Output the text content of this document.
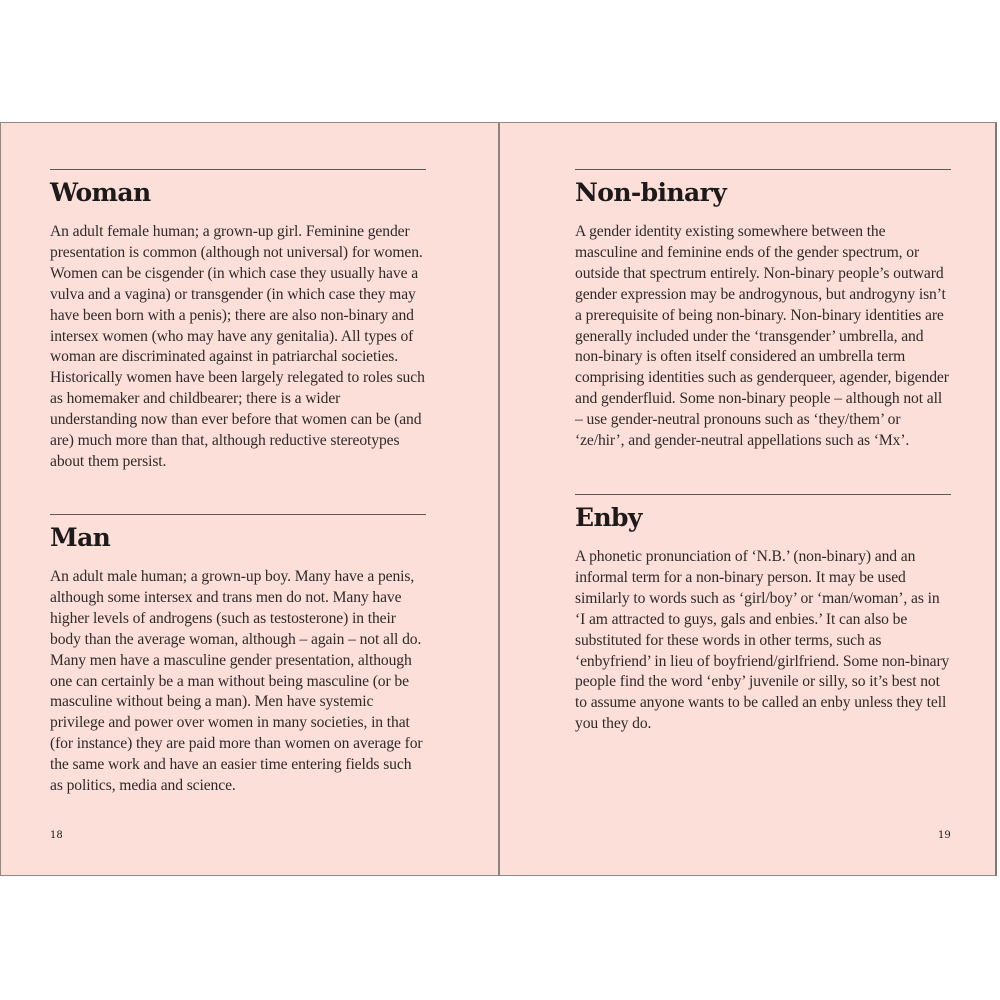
Woman

An adult female human; a grown-up girl. Feminine gender presentation is common (although not universal) for women. Women can be cisgender (in which case they usually have a vulva and a vagina) or transgender (in which case they may have been born with a penis); there are also non-binary and intersex women (who may have any genitalia). All types of woman are discriminated against in patriarchal societies. Historically women have been largely relegated to roles such as homemaker and childbearer; there is a wider understanding now than ever before that women can be (and are) much more than that, although reductive stereotypes about them persist.

Man

An adult male human; a grown-up boy. Many have a penis, although some intersex and trans men do not. Many have higher levels of androgens (such as testosterone) in their body than the average woman, although – again – not all do. Many men have a masculine gender presentation, although one can certainly be a man without being masculine (or be masculine without being a man). Men have systemic privilege and power over women in many societies, in that (for instance) they are paid more than women on average for the same work and have an easier time entering fields such as politics, media and science.

18
Non-binary

A gender identity existing somewhere between the masculine and feminine ends of the gender spectrum, or outside that spectrum entirely. Non-binary people’s outward gender expression may be androgynous, but androgyny isn’t a prerequisite of being non-binary. Non-binary identities are generally included under the ‘transgender’ umbrella, and non-binary is often itself considered an umbrella term comprising identities such as genderqueer, agender, bigender and genderfluid. Some non-binary people – although not all – use gender-neutral pronouns such as ‘they/them’ or ‘ze/hir’, and gender-neutral appellations such as ‘Mx’.

Enby

A phonetic pronunciation of ‘N.B.’ (non-binary) and an informal term for a non-binary person. It may be used similarly to words such as ‘girl/boy’ or ‘man/woman’, as in ‘I am attracted to guys, gals and enbies.’ It can also be substituted for these words in other terms, such as ‘enbyfriend’ in lieu of boyfriend/girlfriend. Some non-binary people find the word ‘enby’ juvenile or silly, so it’s best not to assume anyone wants to be called an enby unless they tell you they do.

19
